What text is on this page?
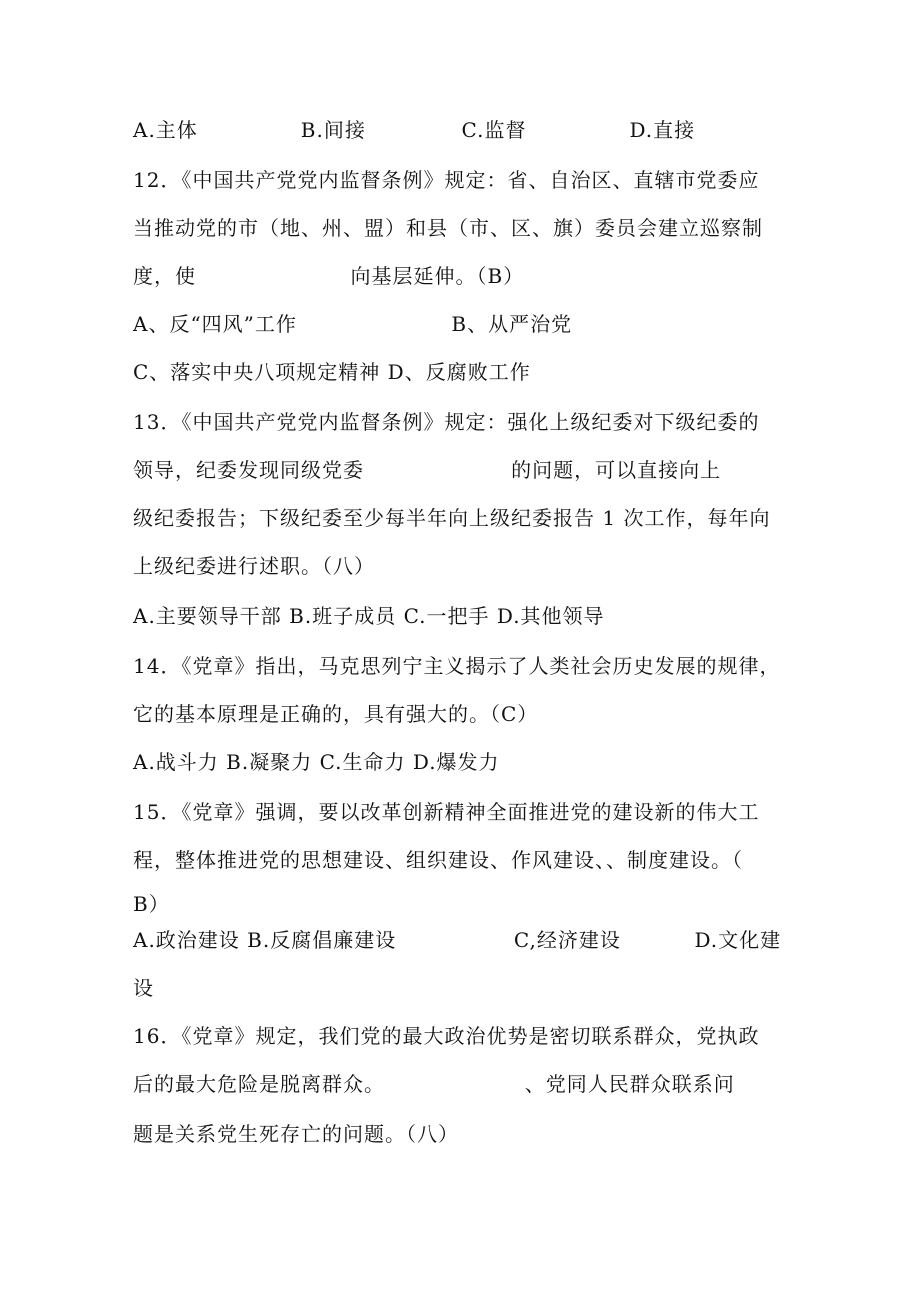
A.主体              B.间接             C.监督              D.直接
12．《中国共产党党内监督条例》规定：省、自治区、直辖市党委应
当推动党的市（地、州、盟）和县（市、区、旗）委员会建立巡察制
度，使                     向基层延伸。（B）
A、反“四风”工作                     B、从严治党
C、落实中央八项规定精神 D、反腐败工作
13．《中国共产党党内监督条例》规定：强化上级纪委对下级纪委的
领导，纪委发现同级党委                    的问题，可以直接向上
级纪委报告；下级纪委至少每半年向上级纪委报告 1 次工作，每年向
上级纪委进行述职。（八）
A.主要领导干部 B.班子成员 C.一把手 D.其他领导
14．《党章》指出，马克思列宁主义揭示了人类社会历史发展的规律，
它的基本原理是正确的，具有强大的。（C）
A.战斗力 B.凝聚力 C.生命力 D.爆发力
15．《党章》强调，要以改革创新精神全面推进党的建设新的伟大工
程，整体推进党的思想建设、组织建设、作风建设、、制度建设。（
B）
A.政治建设 B.反腐倡廉建设                C,经济建设          D.文化建
设
16．《党章》规定，我们党的最大政治优势是密切联系群众，党执政
后的最大危险是脱离群众。                   、党同人民群众联系问
题是关系党生死存亡的问题。（八）
